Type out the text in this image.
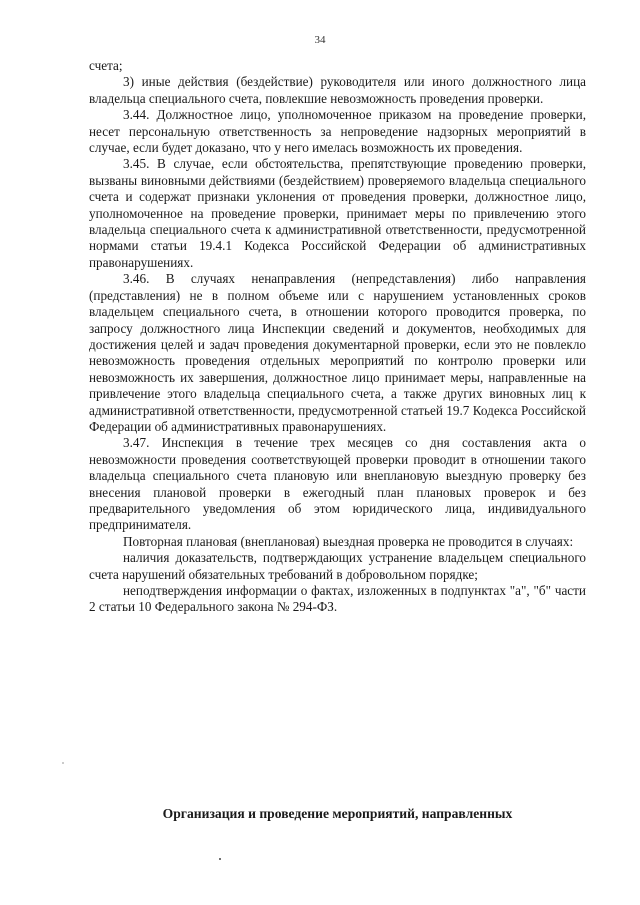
34

счета;

3) иные действия (бездействие) руководителя или иного должностного лица владельца специального счета, повлекшие невозможность проведения проверки.

3.44. Должностное лицо, уполномоченное приказом на проведение проверки, несет персональную ответственность за непроведение надзорных мероприятий в случае, если будет доказано, что у него имелась возможность их проведения.

3.45. В случае, если обстоятельства, препятствующие проведению проверки, вызваны виновными действиями (бездействием) проверяемого владельца специального счета и содержат признаки уклонения от проведения проверки, должностное лицо, уполномоченное на проведение проверки, принимает меры по привлечению этого владельца специального счета к административной ответственности, предусмотренной нормами статьи 19.4.1 Кодекса Российской Федерации об административных правонарушениях.

3.46. В случаях ненаправления (непредставления) либо направления (представления) не в полном объеме или с нарушением установленных сроков владельцем специального счета, в отношении которого проводится проверка, по запросу должностного лица Инспекции сведений и документов, необходимых для достижения целей и задач проведения документарной проверки, если это не повлекло невозможность проведения отдельных мероприятий по контролю проверки или невозможность их завершения, должностное лицо принимает меры, направленные на привлечение этого владельца специального счета, а также других виновных лиц к административной ответственности, предусмотренной статьей 19.7 Кодекса Российской Федерации об административных правонарушениях.

3.47. Инспекция в течение трех месяцев со дня составления акта о невозможности проведения соответствующей проверки проводит в отношении такого владельца специального счета плановую или внеплановую выездную проверку без внесения плановой проверки в ежегодный план плановых проверок и без предварительного уведомления об этом юридического лица, индивидуального предпринимателя.

Повторная плановая (внеплановая) выездная проверка не проводится в случаях:

наличия доказательств, подтверждающих устранение владельцем специального счета нарушений обязательных требований в добровольном порядке;

неподтверждения информации о фактах, изложенных в подпунктах "а", "б" части 2 статьи 10 Федерального закона № 294-ФЗ.

Организация и проведение мероприятий, направленных
